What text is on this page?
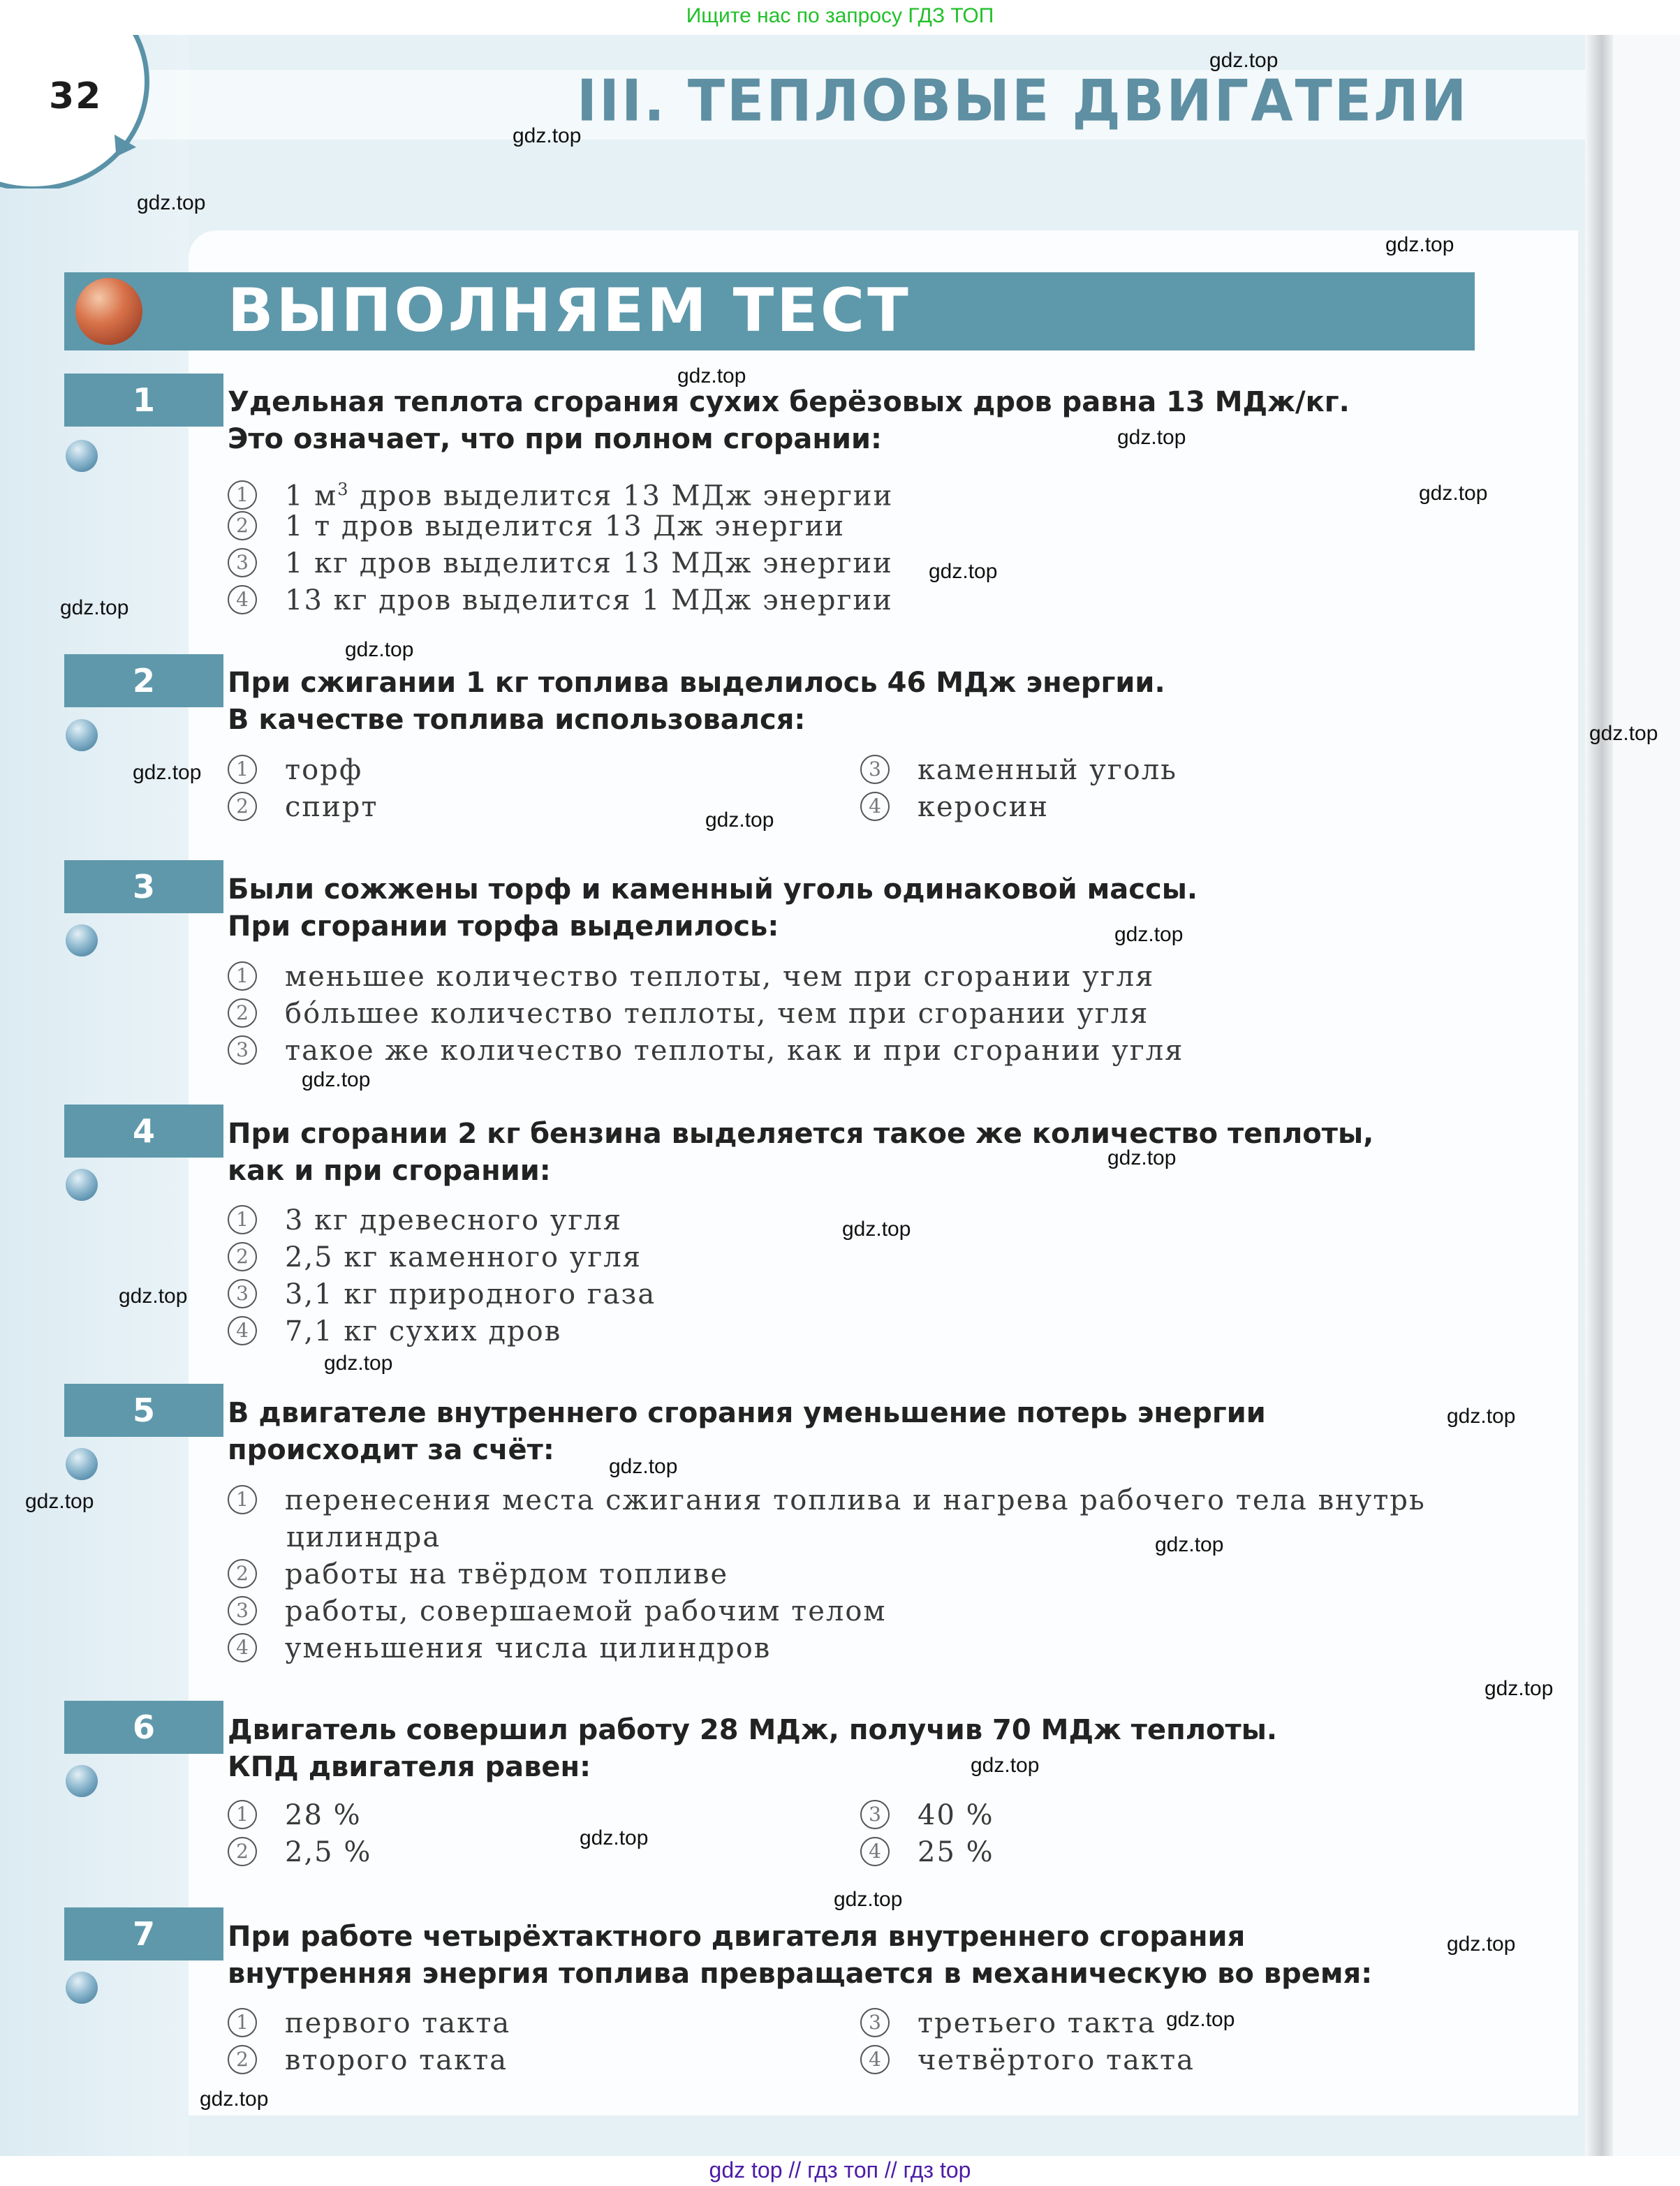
Ищите нас по запросу ГДЗ ТОП
32	III. ТЕПЛОВЫЕ ДВИГАТЕЛИ
ВЫПОЛНЯЕМ ТЕСТ
1	Удельная теплота сгорания сухих берёзовых дров равна 13 МДж/кг.
Это означает, что при полном сгорании:
1 1 $м^3$ дров выделится 13 МДж энергии
2 1 т дров выделится 13 Дж энергии
3 1 кг дров выделится 13 МДж энергии
4 13 кг дров выделится 1 МДж энергии
2	При сжигании 1 кг топлива выделилось 46 МДж энергии.
В качестве топлива использовался:
1 торф
2 спирт
3 каменный уголь
4 керосин
3	Были сожжены торф и каменный уголь одинаковой массы.
При сгорании торфа выделилось:
1 меньшее количество теплоты, чем при сгорании угля
2 бо́льшее количество теплоты, чем при сгорании угля
3 такое же количество теплоты, как и при сгорании угля
4	При сгорании 2 кг бензина выделяется такое же количество теплоты,
как и при сгорании:
1 3 кг древесного угля
2 2,5 кг каменного угля
3 3,1 кг природного газа
4 7,1 кг сухих дров
5	В двигателе внутреннего сгорания уменьшение потерь энергии
происходит за счёт:
1 перенесения места сжигания топлива и нагрева рабочего тела внутрь
цилиндра
2 работы на твёрдом топливе
3 работы, совершаемой рабочим телом
4 уменьшения числа цилиндров
6	Двигатель совершил работу 28 МДж, получив 70 МДж теплоты.
КПД двигателя равен:
1 28 %
2 2,5 %
3 40 %
4 25 %
7	При работе четырёхтактного двигателя внутреннего сгорания
внутренняя энергия топлива превращается в механическую во время:
1 первого такта
2 второго такта
3 третьего такта
4 четвёртого такта
gdz.top
gdz.top
gdz.top
gdz.top
gdz.top
gdz.top
gdz.top
gdz.top
gdz.top
gdz.top
gdz.top
gdz.top
gdz.top
gdz.top
gdz.top
gdz.top
gdz.top
gdz.top
gdz.top
gdz.top
gdz.top
gdz.top
gdz.top
gdz.top
gdz.top
gdz.top
gdz.top
gdz.top
gdz.top
gdz.top
gdz top // гдз топ // гдз top
